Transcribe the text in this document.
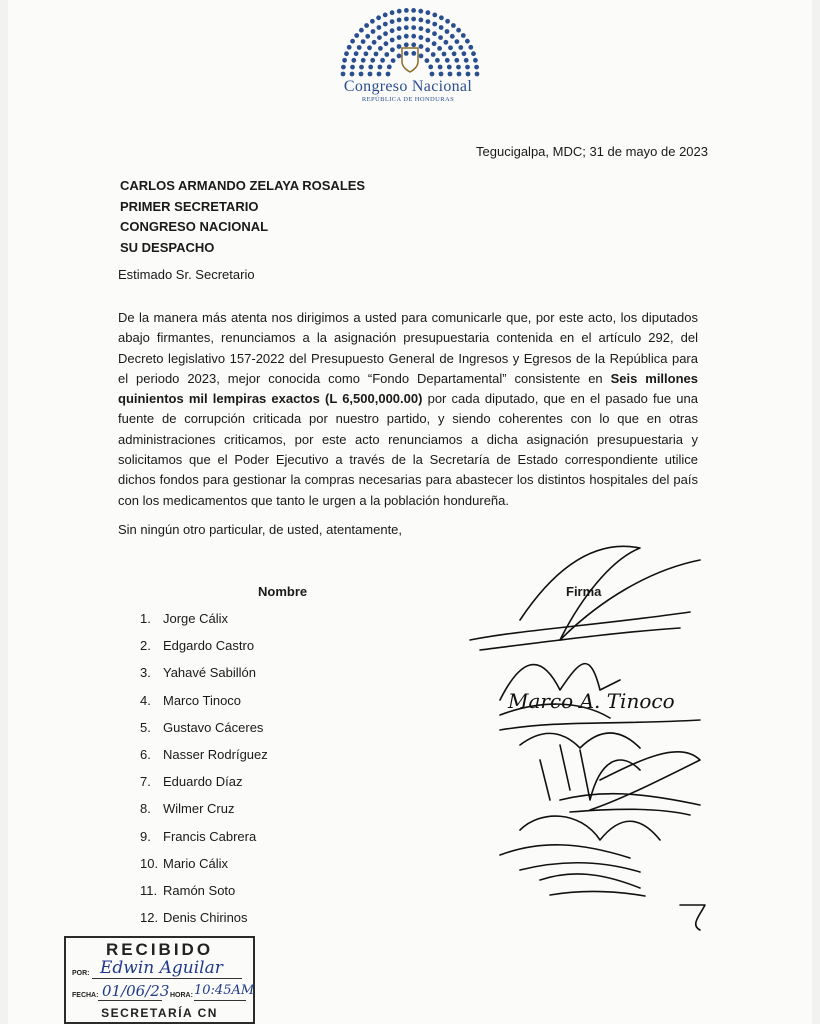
Congreso Nacional
REPÚBLICA DE HONDURAS
Tegucigalpa, MDC; 31 de mayo de 2023
CARLOS ARMANDO ZELAYA ROSALES
PRIMER SECRETARIO
CONGRESO NACIONAL
SU DESPACHO
Estimado Sr. Secretario
De la manera más atenta nos dirigimos a usted para comunicarle que, por este acto, los diputados abajo firmantes, renunciamos a la asignación presupuestaria contenida en el artículo 292, del Decreto legislativo 157-2022 del Presupuesto General de Ingresos y Egresos de la República para el periodo 2023, mejor conocida como “Fondo Departamental” consistente en Seis millones quinientos mil lempiras exactos (L 6,500,000.00) por cada diputado, que en el pasado fue una fuente de corrupción criticada por nuestro partido, y siendo coherentes con lo que en otras administraciones criticamos, por este acto renunciamos a dicha asignación presupuestaria y solicitamos que el Poder Ejecutivo a través de la Secretaría de Estado correspondiente utilice dichos fondos para gestionar la compras necesarias para abastecer los distintos hospitales del país con los medicamentos que tanto le urgen a la población hondureña.
Sin ningún otro particular, de usted, atentamente,
Nombre	Firma
1. Jorge Cálix
2. Edgardo Castro
3. Yahavé Sabillón
4. Marco Tinoco
5. Gustavo Cáceres
6. Nasser Rodríguez
7. Eduardo Díaz
8. Wilmer Cruz
9. Francis Cabrera
10. Mario Cálix
11. Ramón Soto
12. Denis Chirinos
Marco A. Tinoco
RECIBIDO
POR: Edwin Aguilar
FECHA: 01/06/23 HORA: 10:45AM
SECRETARÍA CN
